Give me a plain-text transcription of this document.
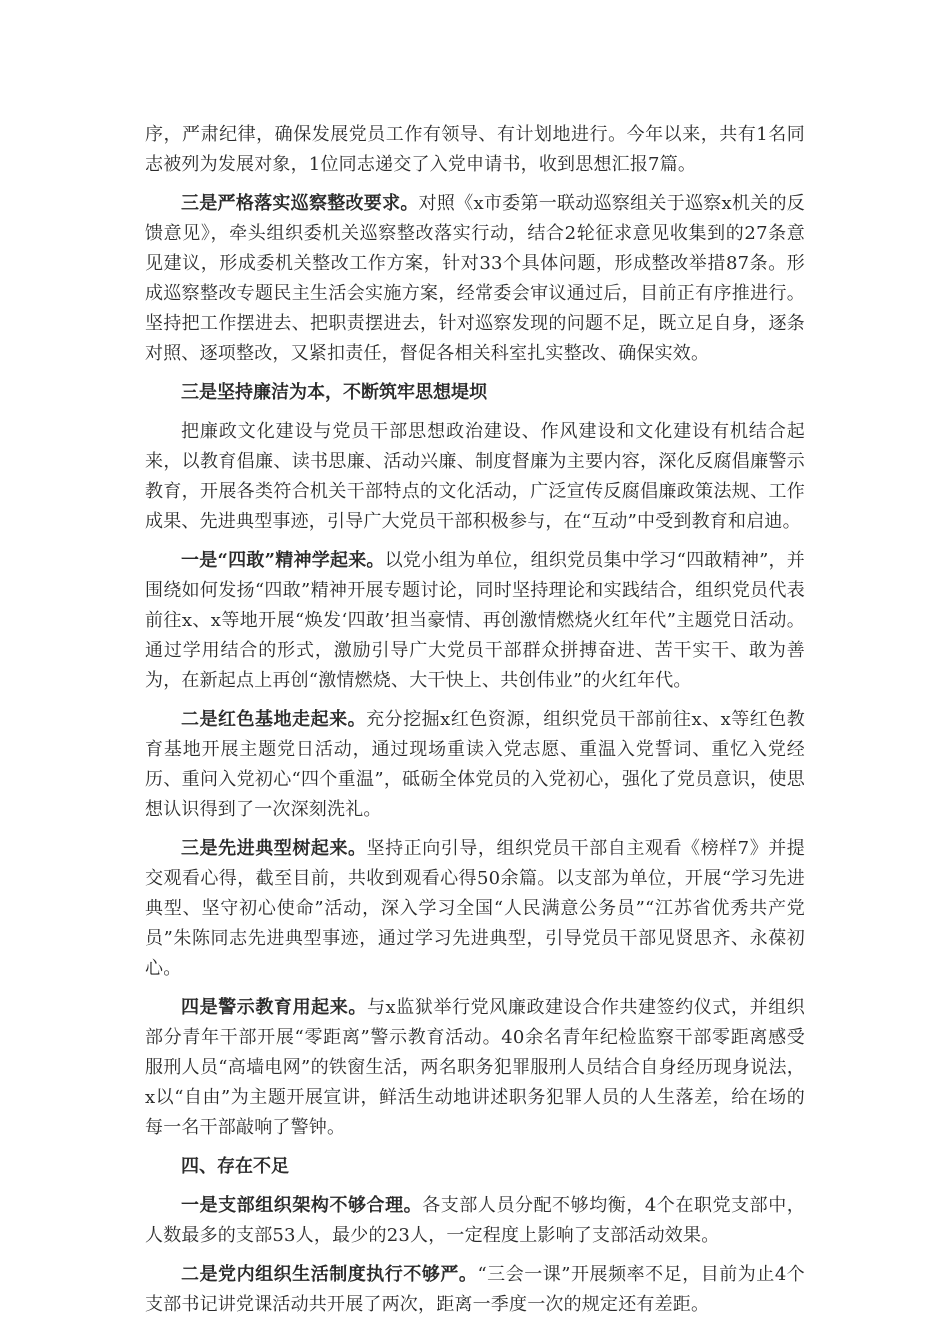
序，严肃纪律，确保发展党员工作有领导、有计划地进行。今年以来，共有1名同志被列为发展对象，1位同志递交了入党申请书，收到思想汇报7篇。

三是严格落实巡察整改要求。对照《x市委第一联动巡察组关于巡察x机关的反馈意见》，牵头组织委机关巡察整改落实行动，结合2轮征求意见收集到的27条意见建议，形成委机关整改工作方案，针对33个具体问题，形成整改举措87条。形成巡察整改专题民主生活会实施方案，经常委会审议通过后，目前正有序推进行。坚持把工作摆进去、把职责摆进去，针对巡察发现的问题不足，既立足自身，逐条对照、逐项整改，又紧扣责任，督促各相关科室扎实整改、确保实效。

三是坚持廉洁为本，不断筑牢思想堤坝

把廉政文化建设与党员干部思想政治建设、作风建设和文化建设有机结合起来，以教育倡廉、读书思廉、活动兴廉、制度督廉为主要内容，深化反腐倡廉警示教育，开展各类符合机关干部特点的文化活动，广泛宣传反腐倡廉政策法规、工作成果、先进典型事迹，引导广大党员干部积极参与，在“互动”中受到教育和启迪。

一是“四敢”精神学起来。以党小组为单位，组织党员集中学习“四敢精神”，并围绕如何发扬“四敢”精神开展专题讨论，同时坚持理论和实践结合，组织党员代表前往x、x等地开展“焕发‘四敢’担当豪情、再创激情燃烧火红年代”主题党日活动。通过学用结合的形式，激励引导广大党员干部群众拼搏奋进、苦干实干、敢为善为，在新起点上再创“激情燃烧、大干快上、共创伟业”的火红年代。

二是红色基地走起来。充分挖掘x红色资源，组织党员干部前往x、x等红色教育基地开展主题党日活动，通过现场重读入党志愿、重温入党誓词、重忆入党经历、重问入党初心“四个重温”，砥砺全体党员的入党初心，强化了党员意识，使思想认识得到了一次深刻洗礼。

三是先进典型树起来。坚持正向引导，组织党员干部自主观看《榜样7》并提交观看心得，截至目前，共收到观看心得50余篇。以支部为单位，开展“学习先进典型、坚守初心使命”活动，深入学习全国“人民满意公务员”“江苏省优秀共产党员”朱陈同志先进典型事迹，通过学习先进典型，引导党员干部见贤思齐、永葆初心。

四是警示教育用起来。与x监狱举行党风廉政建设合作共建签约仪式，并组织部分青年干部开展“零距离”警示教育活动。40余名青年纪检监察干部零距离感受服刑人员“高墙电网”的铁窗生活，两名职务犯罪服刑人员结合自身经历现身说法，x以“自由”为主题开展宣讲，鲜活生动地讲述职务犯罪人员的人生落差，给在场的每一名干部敲响了警钟。

四、存在不足

一是支部组织架构不够合理。各支部人员分配不够均衡，4个在职党支部中，人数最多的支部53人，最少的23人，一定程度上影响了支部活动效果。

二是党内组织生活制度执行不够严。“三会一课”开展频率不足，目前为止4个支部书记讲党课活动共开展了两次，距离一季度一次的规定还有差距。
